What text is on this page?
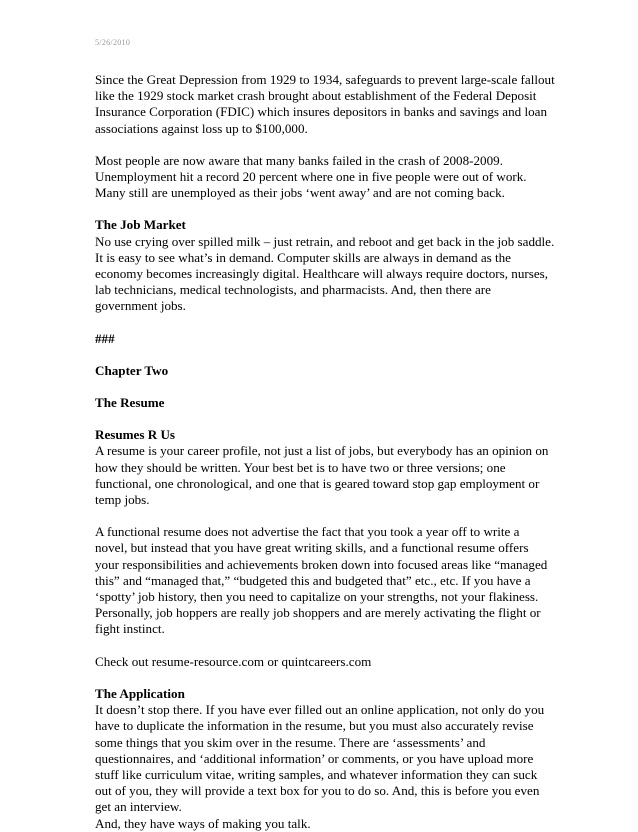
5/26/2010

Since the Great Depression from 1929 to 1934, safeguards to prevent large-scale fallout like the 1929 stock market crash brought about establishment of the Federal Deposit Insurance Corporation (FDIC) which insures depositors in banks and savings and loan associations against loss up to $100,000.

Most people are now aware that many banks failed in the crash of 2008-2009. Unemployment hit a record 20 percent where one in five people were out of work. Many still are unemployed as their jobs ‘went away’ and are not coming back.

The Job Market
No use crying over spilled milk – just retrain, and reboot and get back in the job saddle. It is easy to see what’s in demand. Computer skills are always in demand as the economy becomes increasingly digital. Healthcare will always require doctors, nurses, lab technicians, medical technologists, and pharmacists. And, then there are government jobs.

###

Chapter Two

The Resume

Resumes R Us
A resume is your career profile, not just a list of jobs, but everybody has an opinion on how they should be written. Your best bet is to have two or three versions; one functional, one chronological, and one that is geared toward stop gap employment or temp jobs.

A functional resume does not advertise the fact that you took a year off to write a novel, but instead that you have great writing skills, and a functional resume offers your responsibilities and achievements broken down into focused areas like “managed this” and “managed that,” “budgeted this and budgeted that” etc., etc. If you have a ‘spotty’ job history, then you need to capitalize on your strengths, not your flakiness. Personally, job hoppers are really job shoppers and are merely activating the flight or fight instinct.

Check out resume-resource.com or quintcareers.com

The Application
It doesn’t stop there. If you have ever filled out an online application, not only do you have to duplicate the information in the resume, but you must also accurately revise some things that you skim over in the resume. There are ‘assessments’ and questionnaires, and ‘additional information’ or comments, or you have upload more stuff like curriculum vitae, writing samples, and whatever information they can suck out of you, they will provide a text box for you to do so. And, this is before you even get an interview.
And, they have ways of making you talk.
